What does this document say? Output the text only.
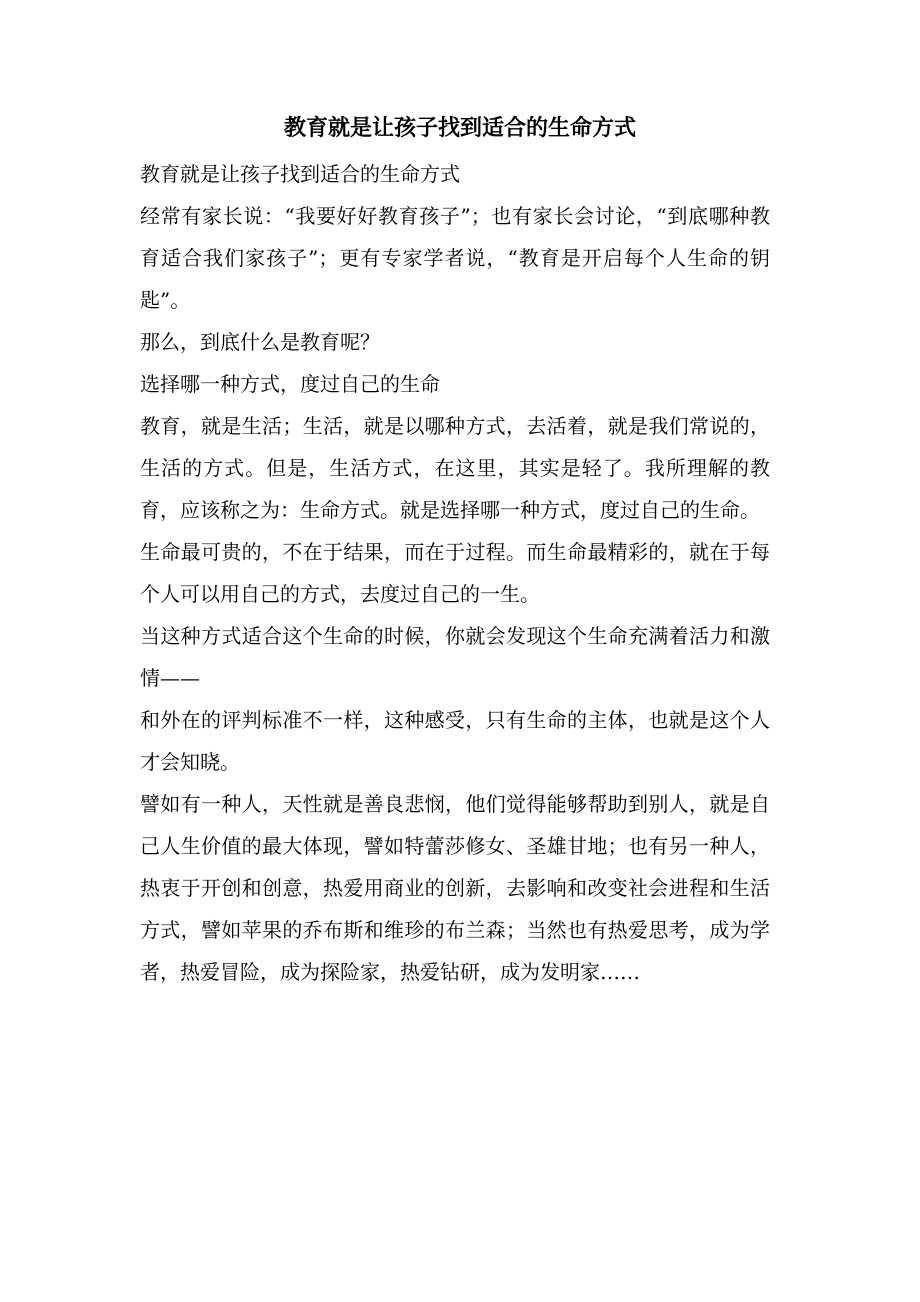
教育就是让孩子找到适合的生命方式

教育就是让孩子找到适合的生命方式

经常有家长说：“我要好好教育孩子”；也有家长会讨论，“到底哪种教育适合我们家孩子”；更有专家学者说，“教育是开启每个人生命的钥匙”。

那么，到底什么是教育呢？

选择哪一种方式，度过自己的生命

教育，就是生活；生活，就是以哪种方式，去活着，就是我们常说的，生活的方式。但是，生活方式，在这里，其实是轻了。我所理解的教育，应该称之为：生命方式。就是选择哪一种方式，度过自己的生命。

生命最可贵的，不在于结果，而在于过程。而生命最精彩的，就在于每个人可以用自己的方式，去度过自己的一生。

当这种方式适合这个生命的时候，你就会发现这个生命充满着活力和激情——

和外在的评判标准不一样，这种感受，只有生命的主体，也就是这个人才会知晓。

譬如有一种人，天性就是善良悲悯，他们觉得能够帮助到别人，就是自己人生价值的最大体现，譬如特蕾莎修女、圣雄甘地；也有另一种人，热衷于开创和创意，热爱用商业的创新，去影响和改变社会进程和生活方式，譬如苹果的乔布斯和维珍的布兰森；当然也有热爱思考，成为学者，热爱冒险，成为探险家，热爱钻研，成为发明家……
